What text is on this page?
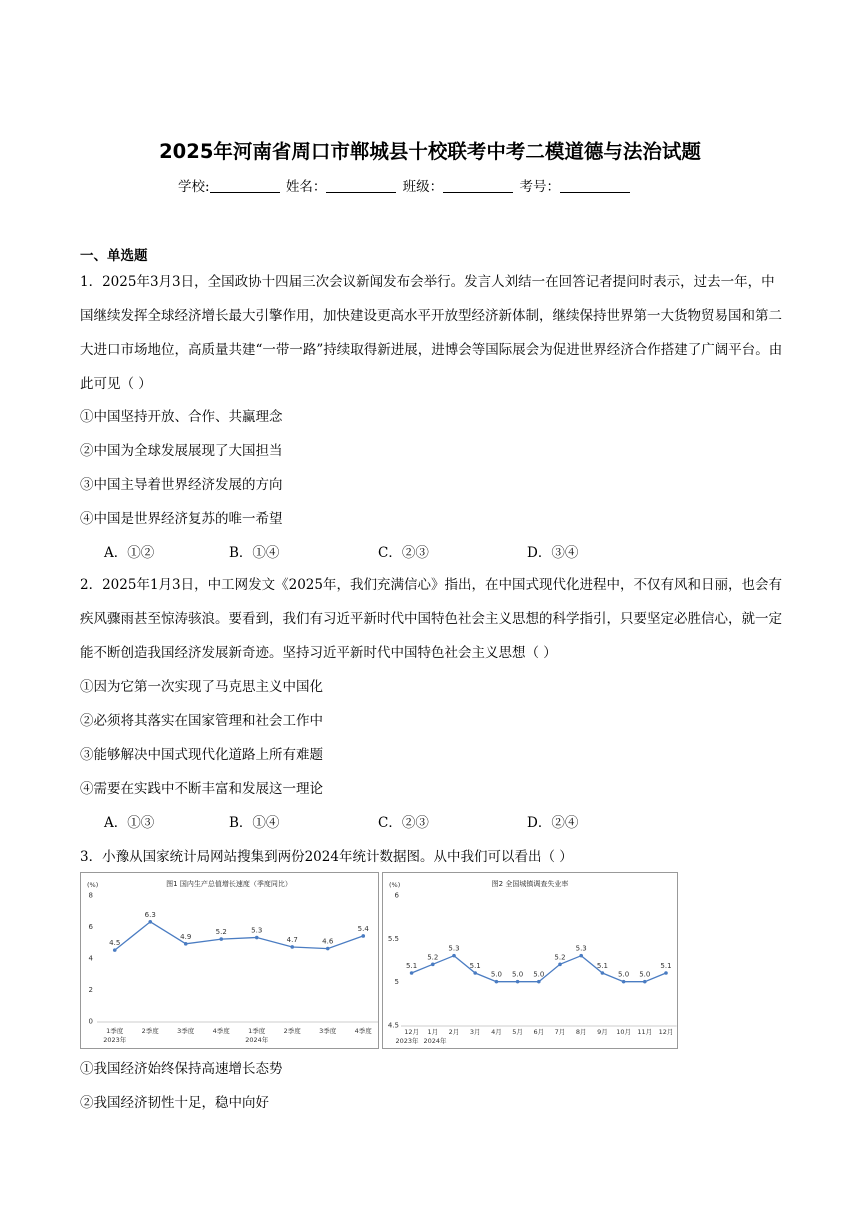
2025年河南省周口市郸城县十校联考中考二模道德与法治试题
学校:	姓名：	班级：	考号：
一、单选题
1．2025年3月3日，全国政协十四届三次会议新闻发布会举行。发言人刘结一在回答记者提问时表示，过去一年，中国继续发挥全球经济增长最大引擎作用，加快建设更高水平开放型经济新体制，继续保持世界第一大货物贸易国和第二大进口市场地位，高质量共建“一带一路”持续取得新进展，进博会等国际展会为促进世界经济合作搭建了广阔平台。由此可见（ ）
①中国坚持开放、合作、共赢理念
②中国为全球发展展现了大国担当
③中国主导着世界经济发展的方向
④中国是世界经济复苏的唯一希望
A．①②	B．①④	C．②③	D．③④
2．2025年1月3日，中工网发文《2025年，我们充满信心》指出，在中国式现代化进程中，不仅有风和日丽，也会有疾风骤雨甚至惊涛骇浪。要看到，我们有习近平新时代中国特色社会主义思想的科学指引，只要坚定必胜信心，就一定能不断创造我国经济发展新奇迹。坚持习近平新时代中国特色社会主义思想（ ）
①因为它第一次实现了马克思主义中国化
②必须将其落实在国家管理和社会工作中
③能够解决中国式现代化道路上所有难题
④需要在实践中不断丰富和发展这一理论
A．①③	B．①④	C．②③	D．②④
3．小豫从国家统计局网站搜集到两份2024年统计数据图。从中我们可以看出（ ）
图1 国内生产总值增长速度（季度同比）
(%)
0
2
4
6
8
4.5
6.3
4.9
5.2	5.3
4.7	4.6
5.4
1季度	2季度	3季度	4季度	1季度	2季度	3季度	4季度
2023年	2024年
图2 全国城镇调查失业率
(%)
4.5
5
5.5
6
5.1
5.2
5.3
5.1
5.0 5.0 5.0
5.2
5.3
5.1
5.0 5.0
5.1
12月 1月 2月 3月 4月 5月 6月 7月 8月 9月 10月 11月 12月
2023年 2024年
①我国经济始终保持高速增长态势
②我国经济韧性十足，稳中向好
